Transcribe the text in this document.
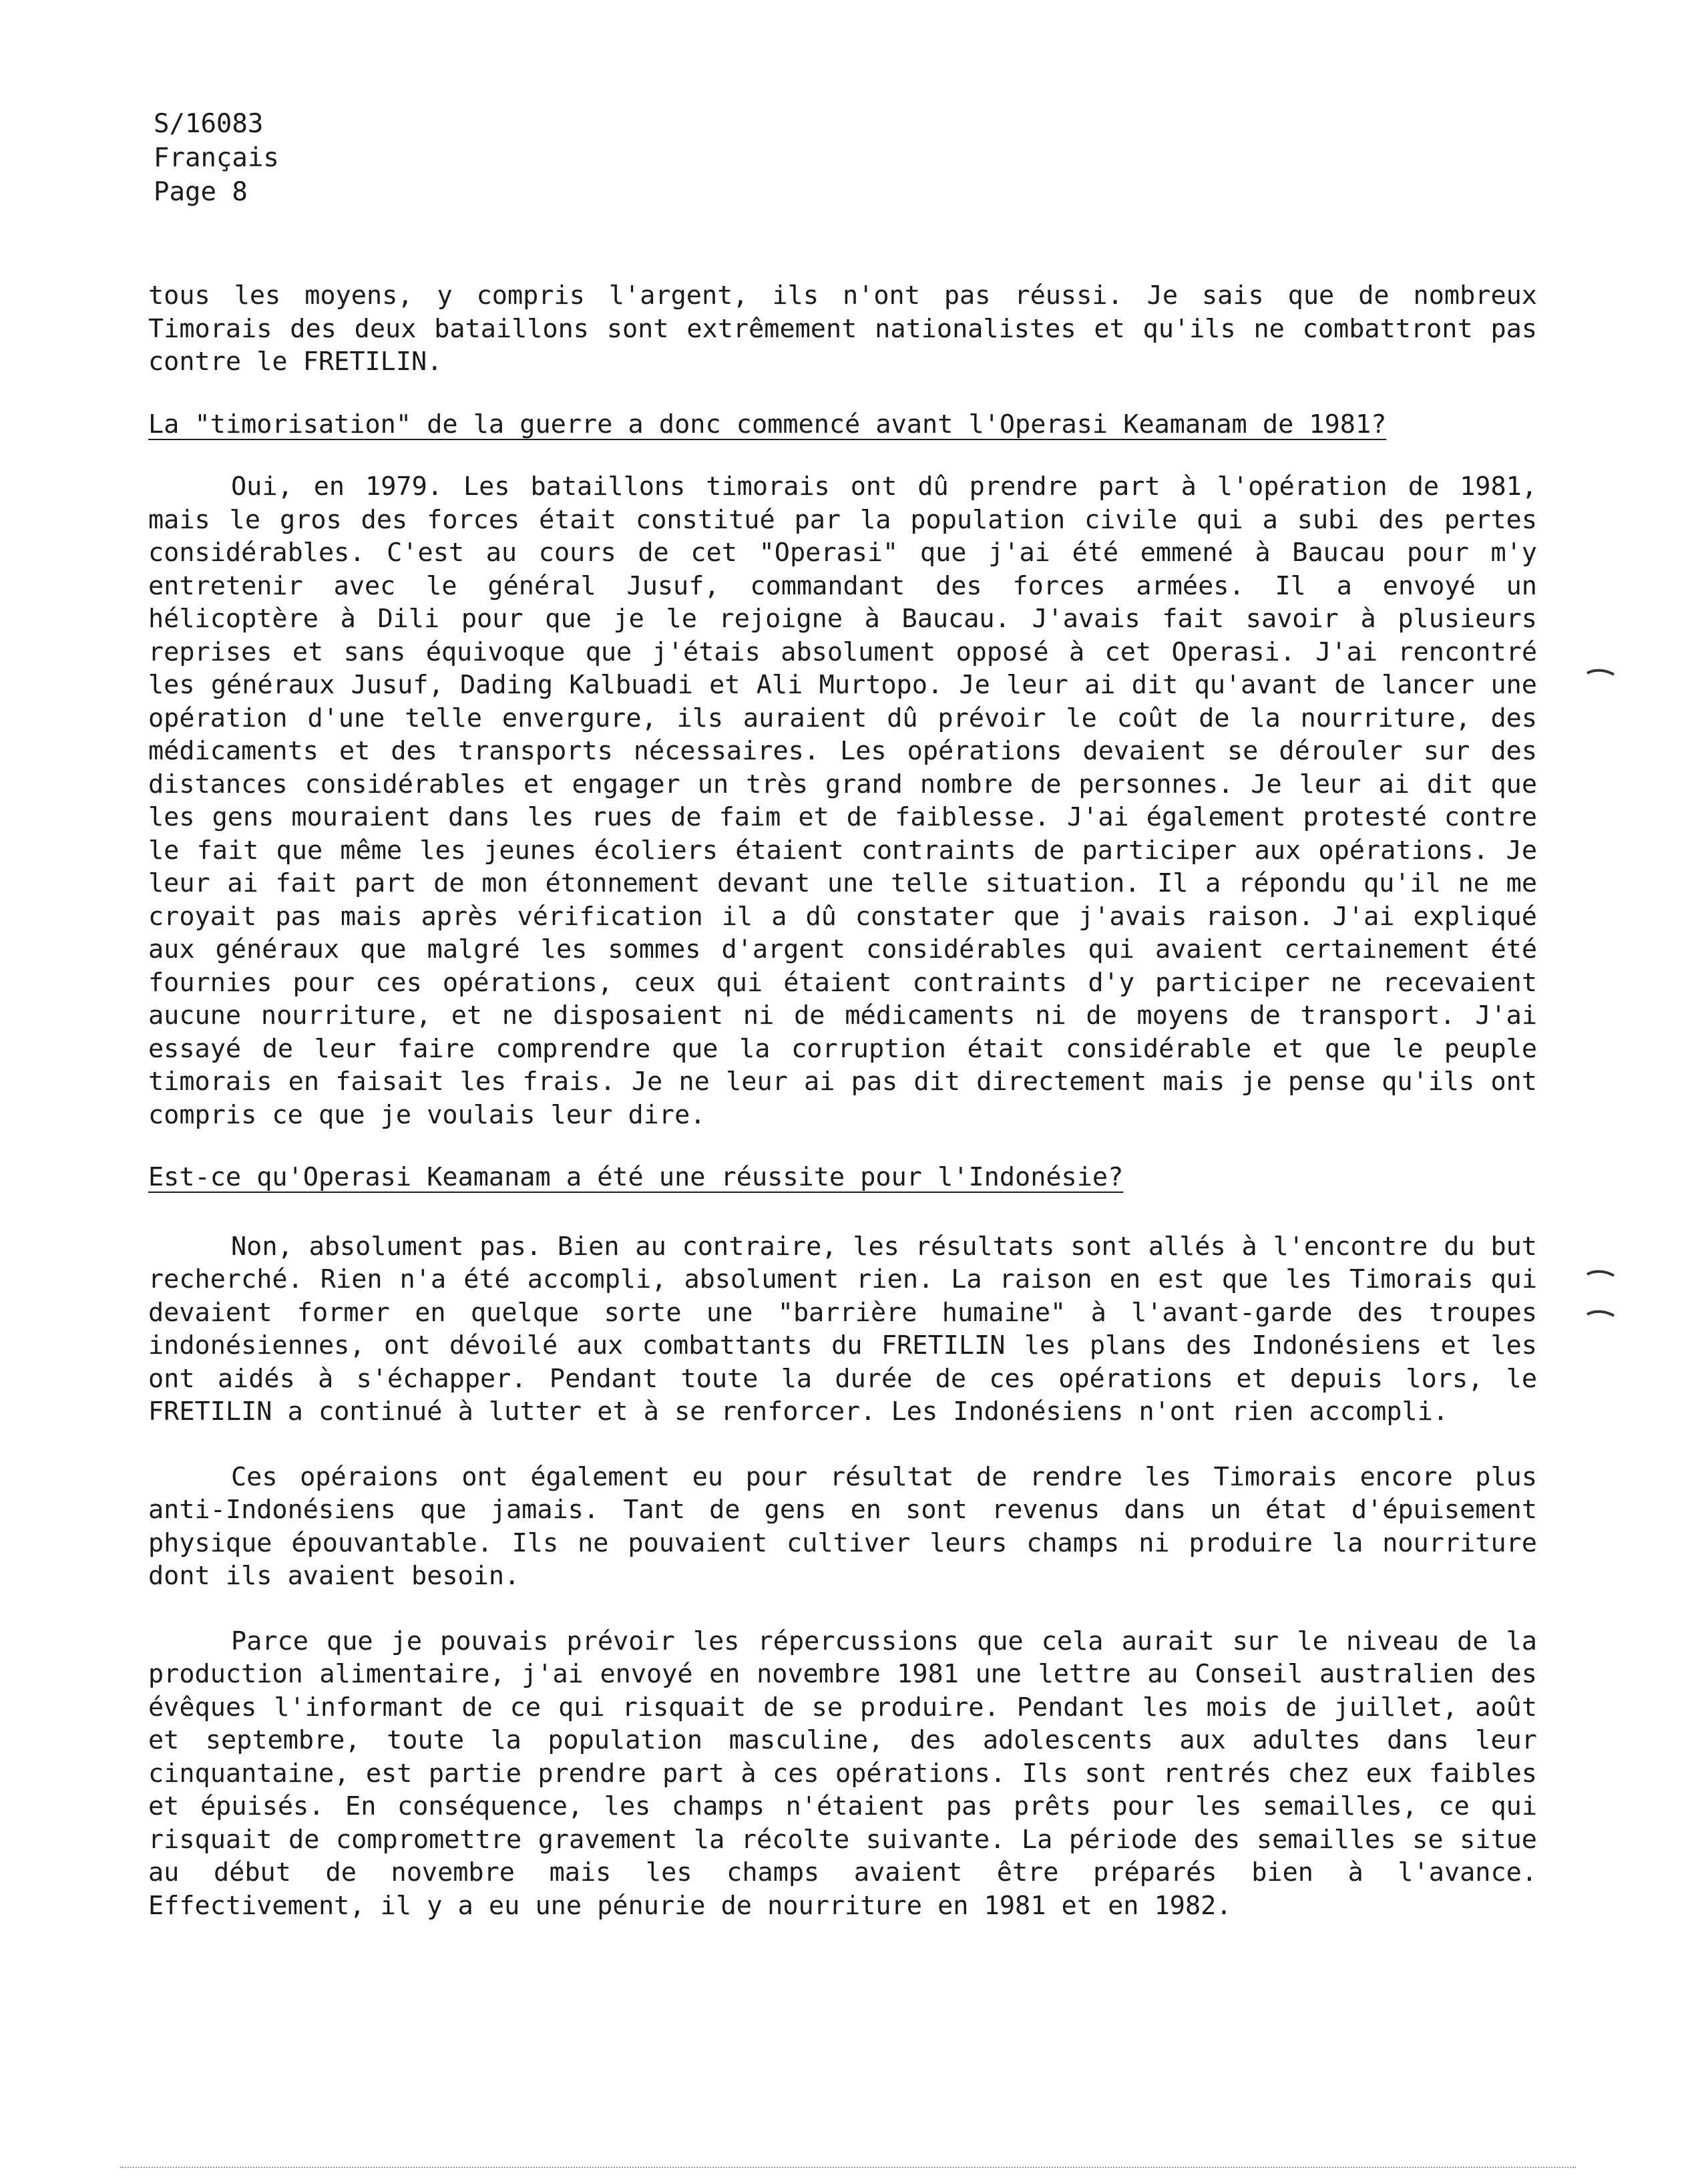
S/16083
Français
Page 8

tous les moyens, y compris l'argent, ils n'ont pas réussi. Je sais que de nombreux Timorais des deux bataillons sont extrêmement nationalistes et qu'ils ne combattront pas contre le FRETILIN.

La "timorisation" de la guerre a donc commencé avant l'Operasi Keamanam de 1981?

Oui, en 1979. Les bataillons timorais ont dû prendre part à l'opération de 1981, mais le gros des forces était constitué par la population civile qui a subi des pertes considérables. C'est au cours de cet "Operasi" que j'ai été emmené à Baucau pour m'y entretenir avec le général Jusuf, commandant des forces armées. Il a envoyé un hélicoptère à Dili pour que je le rejoigne à Baucau. J'avais fait savoir à plusieurs reprises et sans équivoque que j'étais absolument opposé à cet Operasi. J'ai rencontré les généraux Jusuf, Dading Kalbuadi et Ali Murtopo. Je leur ai dit qu'avant de lancer une opération d'une telle envergure, ils auraient dû prévoir le coût de la nourriture, des médicaments et des transports nécessaires. Les opérations devaient se dérouler sur des distances considérables et engager un très grand nombre de personnes. Je leur ai dit que les gens mouraient dans les rues de faim et de faiblesse. J'ai également protesté contre le fait que même les jeunes écoliers étaient contraints de participer aux opérations. Je leur ai fait part de mon étonnement devant une telle situation. Il a répondu qu'il ne me croyait pas mais après vérification il a dû constater que j'avais raison. J'ai expliqué aux généraux que malgré les sommes d'argent considérables qui avaient certainement été fournies pour ces opérations, ceux qui étaient contraints d'y participer ne recevaient aucune nourriture, et ne disposaient ni de médicaments ni de moyens de transport. J'ai essayé de leur faire comprendre que la corruption était considérable et que le peuple timorais en faisait les frais. Je ne leur ai pas dit directement mais je pense qu'ils ont compris ce que je voulais leur dire.

Est-ce qu'Operasi Keamanam a été une réussite pour l'Indonésie?

Non, absolument pas. Bien au contraire, les résultats sont allés à l'encontre du but recherché. Rien n'a été accompli, absolument rien. La raison en est que les Timorais qui devaient former en quelque sorte une "barrière humaine" à l'avant-garde des troupes indonésiennes, ont dévoilé aux combattants du FRETILIN les plans des Indonésiens et les ont aidés à s'échapper. Pendant toute la durée de ces opérations et depuis lors, le FRETILIN a continué à lutter et à se renforcer. Les Indonésiens n'ont rien accompli.

Ces opéraions ont également eu pour résultat de rendre les Timorais encore plus anti-Indonésiens que jamais. Tant de gens en sont revenus dans un état d'épuisement physique épouvantable. Ils ne pouvaient cultiver leurs champs ni produire la nourriture dont ils avaient besoin.

Parce que je pouvais prévoir les répercussions que cela aurait sur le niveau de la production alimentaire, j'ai envoyé en novembre 1981 une lettre au Conseil australien des évêques l'informant de ce qui risquait de se produire. Pendant les mois de juillet, août et septembre, toute la population masculine, des adolescents aux adultes dans leur cinquantaine, est partie prendre part à ces opérations. Ils sont rentrés chez eux faibles et épuisés. En conséquence, les champs n'étaient pas prêts pour les semailles, ce qui risquait de compromettre gravement la récolte suivante. La période des semailles se situe au début de novembre mais les champs avaient être préparés bien à l'avance. Effectivement, il y a eu une pénurie de nourriture en 1981 et en 1982.
